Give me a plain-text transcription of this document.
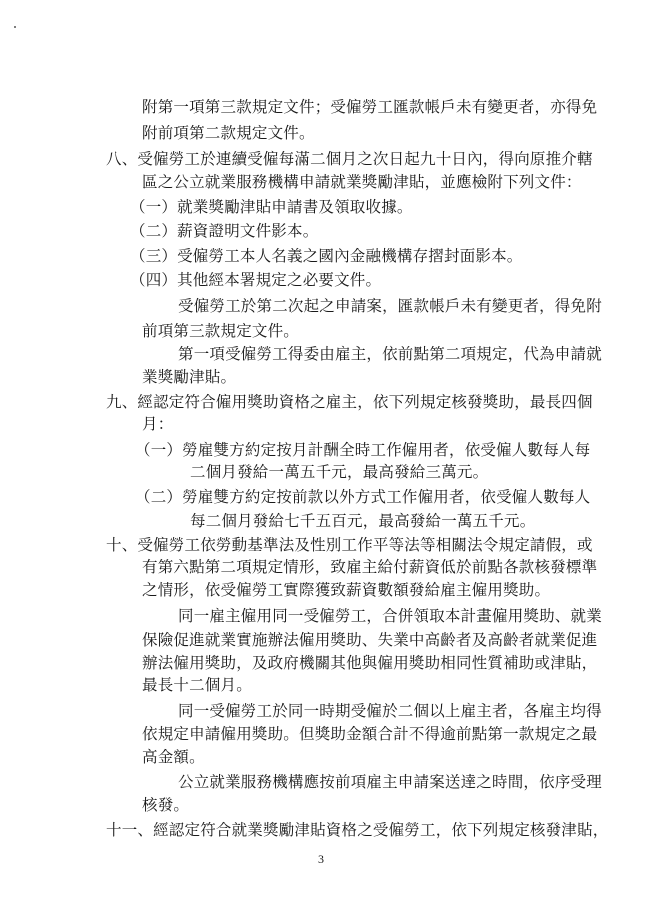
附第一項第三款規定文件；受僱勞工匯款帳戶未有變更者，亦得免
附前項第二款規定文件。
八、受僱勞工於連續受僱每滿二個月之次日起九十日內，得向原推介轄
區之公立就業服務機構申請就業獎勵津貼，並應檢附下列文件：
（一）就業獎勵津貼申請書及領取收據。
（二）薪資證明文件影本。
（三）受僱勞工本人名義之國內金融機構存摺封面影本。
（四）其他經本署規定之必要文件。
受僱勞工於第二次起之申請案，匯款帳戶未有變更者，得免附
前項第三款規定文件。
第一項受僱勞工得委由雇主，依前點第二項規定，代為申請就
業獎勵津貼。
九、經認定符合僱用獎助資格之雇主，依下列規定核發獎助，最長四個
月：
（一）勞雇雙方約定按月計酬全時工作僱用者，依受僱人數每人每
二個月發給一萬五千元，最高發給三萬元。
（二）勞雇雙方約定按前款以外方式工作僱用者，依受僱人數每人
每二個月發給七千五百元，最高發給一萬五千元。
十、受僱勞工依勞動基準法及性別工作平等法等相關法令規定請假，或
有第六點第二項規定情形，致雇主給付薪資低於前點各款核發標準
之情形，依受僱勞工實際獲致薪資數額發給雇主僱用獎助。
同一雇主僱用同一受僱勞工，合併領取本計畫僱用獎助、就業
保險促進就業實施辦法僱用獎助、失業中高齡者及高齡者就業促進
辦法僱用獎助，及政府機關其他與僱用獎助相同性質補助或津貼，
最長十二個月。
同一受僱勞工於同一時期受僱於二個以上雇主者，各雇主均得
依規定申請僱用獎助。但獎助金額合計不得逾前點第一款規定之最
高金額。
公立就業服務機構應按前項雇主申請案送達之時間，依序受理
核發。
十一、經認定符合就業獎勵津貼資格之受僱勞工，依下列規定核發津貼，
3
